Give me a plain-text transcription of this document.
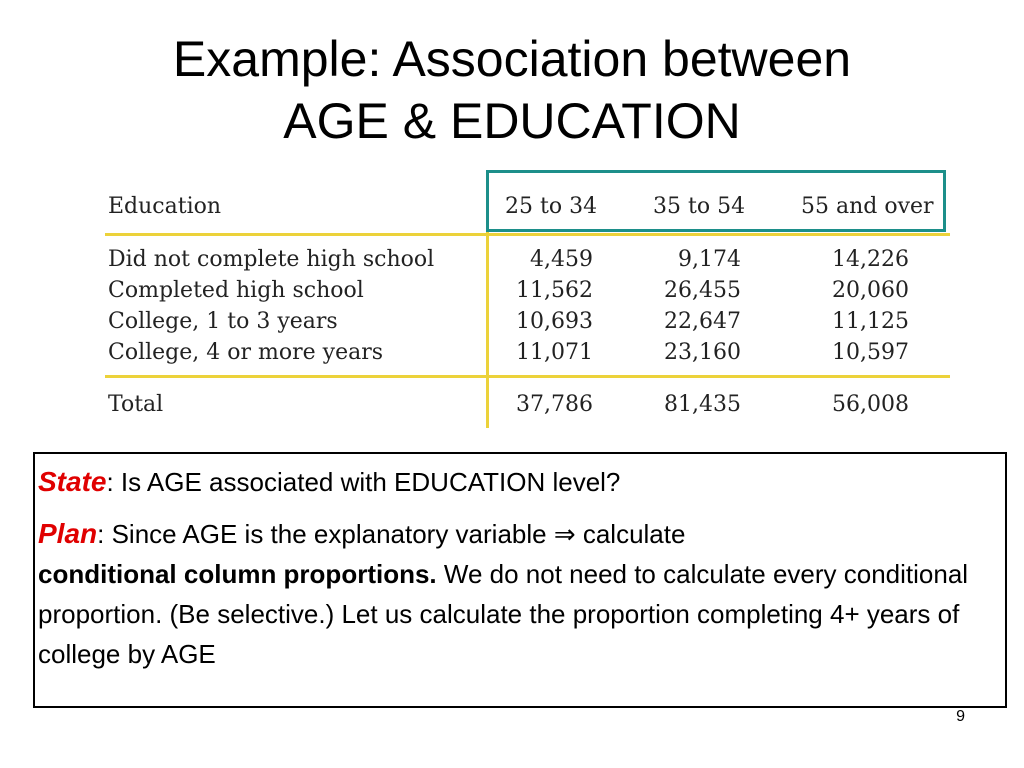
Example: Association between
AGE & EDUCATION
Education	25 to 34	35 to 54	55 and over
Did not complete high school	4,459	9,174	14,226
Completed high school	11,562	26,455	20,060
College, 1 to 3 years	10,693	22,647	11,125
College, 4 or more years	11,071	23,160	10,597
Total	37,786	81,435	56,008

State: Is AGE associated with EDUCATION level?

Plan: Since AGE is the explanatory variable ⇒ calculate
conditional column proportions. We do not need to calculate every conditional proportion. (Be selective.) Let us calculate the proportion completing 4+ years of college by AGE

9
